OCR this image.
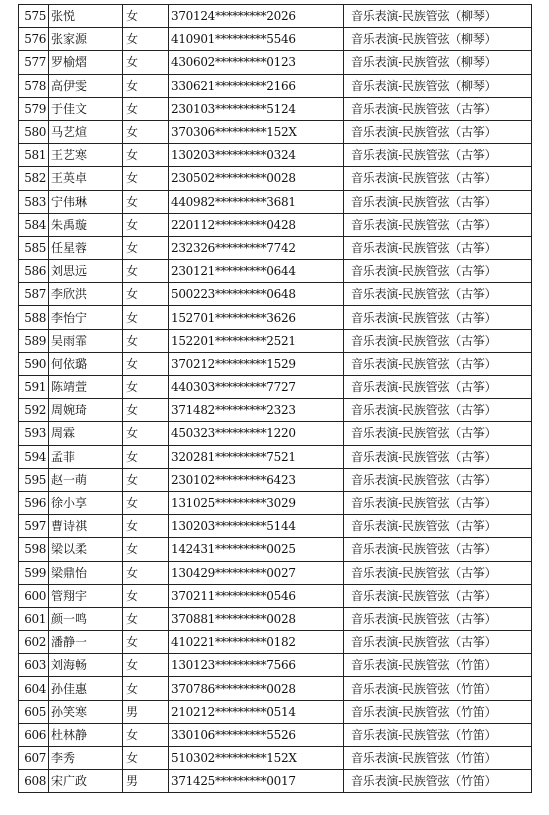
575	张悦	女	370124*********2026	音乐表演-民族管弦（柳琴）
576	张家源	女	410901*********5546	音乐表演-民族管弦（柳琴）
577	罗榆熠	女	430602*********0123	音乐表演-民族管弦（柳琴）
578	高伊雯	女	330621*********2166	音乐表演-民族管弦（柳琴）
579	于佳文	女	230103*********5124	音乐表演-民族管弦（古筝）
580	马艺煊	女	370306*********152X	音乐表演-民族管弦（古筝）
581	王艺寒	女	130203*********0324	音乐表演-民族管弦（古筝）
582	王英卓	女	230502*********0028	音乐表演-民族管弦（古筝）
583	宁伟琳	女	440982*********3681	音乐表演-民族管弦（古筝）
584	朱禹璇	女	220112*********0428	音乐表演-民族管弦（古筝）
585	任星蓉	女	232326*********7742	音乐表演-民族管弦（古筝）
586	刘思远	女	230121*********0644	音乐表演-民族管弦（古筝）
587	李欣洪	女	500223*********0648	音乐表演-民族管弦（古筝）
588	李怡宁	女	152701*********3626	音乐表演-民族管弦（古筝）
589	吴雨霏	女	152201*********2521	音乐表演-民族管弦（古筝）
590	何依璐	女	370212*********1529	音乐表演-民族管弦（古筝）
591	陈靖萱	女	440303*********7727	音乐表演-民族管弦（古筝）
592	周婉琦	女	371482*********2323	音乐表演-民族管弦（古筝）
593	周霖	女	450323*********1220	音乐表演-民族管弦（古筝）
594	孟菲	女	320281*********7521	音乐表演-民族管弦（古筝）
595	赵一萌	女	230102*********6423	音乐表演-民族管弦（古筝）
596	徐小享	女	131025*********3029	音乐表演-民族管弦（古筝）
597	曹诗祺	女	130203*********5144	音乐表演-民族管弦（古筝）
598	梁以柔	女	142431*********0025	音乐表演-民族管弦（古筝）
599	梁鼎怡	女	130429*********0027	音乐表演-民族管弦（古筝）
600	管翔宇	女	370211*********0546	音乐表演-民族管弦（古筝）
601	颜一鸣	女	370881*********0028	音乐表演-民族管弦（古筝）
602	潘静一	女	410221*********0182	音乐表演-民族管弦（古筝）
603	刘海畅	女	130123*********7566	音乐表演-民族管弦（竹笛）
604	孙佳惠	女	370786*********0028	音乐表演-民族管弦（竹笛）
605	孙笑寒	男	210212*********0514	音乐表演-民族管弦（竹笛）
606	杜林静	女	330106*********5526	音乐表演-民族管弦（竹笛）
607	李秀	女	510302*********152X	音乐表演-民族管弦（竹笛）
608	宋广政	男	371425*********0017	音乐表演-民族管弦（竹笛）
